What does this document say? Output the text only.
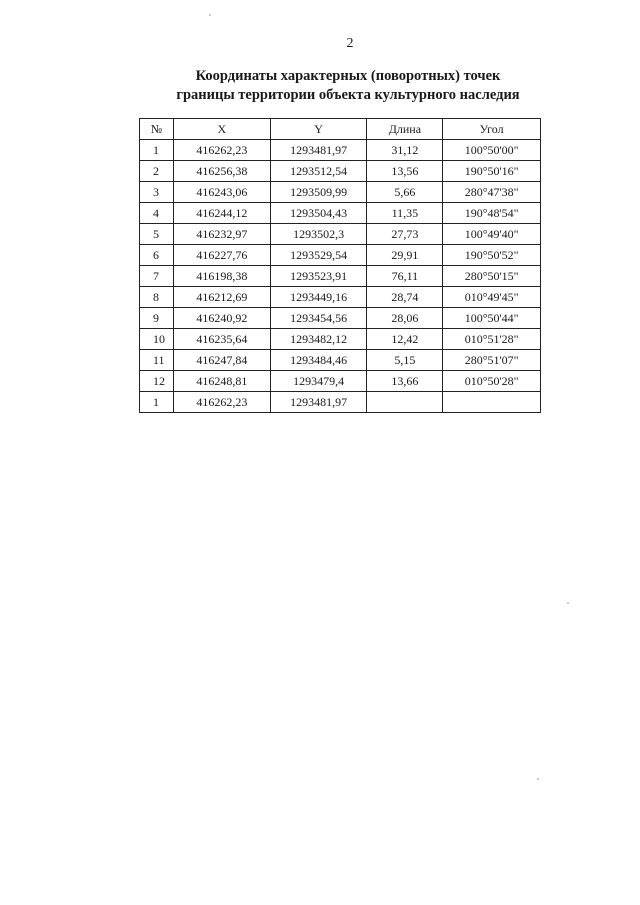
2
Координаты характерных (поворотных) точек
границы территории объекта культурного наследия
№	X	Y	Длина	Угол
1	416262,23	1293481,97	31,12	100°50'00"
2	416256,38	1293512,54	13,56	190°50'16"
3	416243,06	1293509,99	5,66	280°47'38"
4	416244,12	1293504,43	11,35	190°48'54"
5	416232,97	1293502,3	27,73	100°49'40"
6	416227,76	1293529,54	29,91	190°50'52"
7	416198,38	1293523,91	76,11	280°50'15"
8	416212,69	1293449,16	28,74	010°49'45"
9	416240,92	1293454,56	28,06	100°50'44"
10	416235,64	1293482,12	12,42	010°51'28"
11	416247,84	1293484,46	5,15	280°51'07"
12	416248,81	1293479,4	13,66	010°50'28"
1	416262,23	1293481,97		
